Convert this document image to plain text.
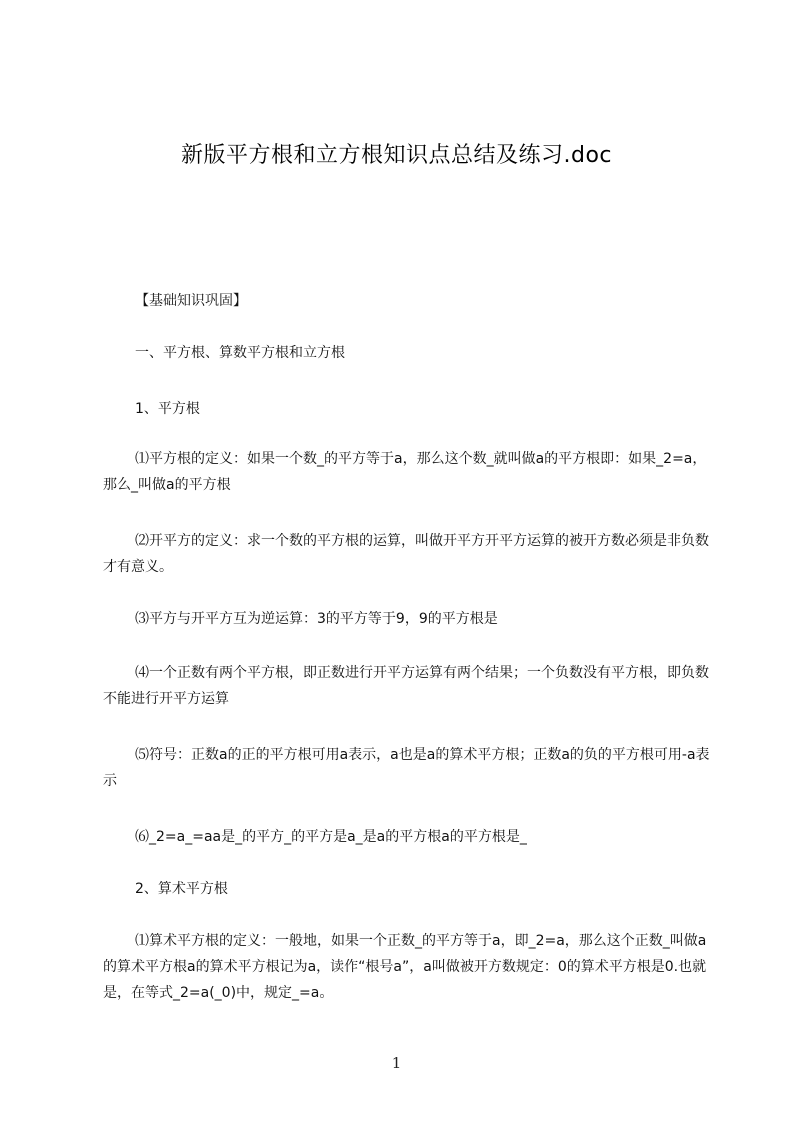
新版平方根和立方根知识点总结及练习.doc
【基础知识巩固】
一、平方根、算数平方根和立方根
1、平方根
⑴平方根的定义：如果一个数_的平方等于a，那么这个数_就叫做a的平方根即：如果_2=a，那么_叫做a的平方根
⑵开平方的定义：求一个数的平方根的运算，叫做开平方开平方运算的被开方数必须是非负数才有意义。
⑶平方与开平方互为逆运算：3的平方等于9，9的平方根是
⑷一个正数有两个平方根，即正数进行开平方运算有两个结果；一个负数没有平方根，即负数不能进行开平方运算
⑸符号：正数a的正的平方根可用a表示，a也是a的算术平方根；正数a的负的平方根可用-a表示
⑹_2=a_=aa是_的平方_的平方是a_是a的平方根a的平方根是_
2、算术平方根
⑴算术平方根的定义：一般地，如果一个正数_的平方等于a，即_2=a，那么这个正数_叫做a的算术平方根a的算术平方根记为a，读作“根号a”，a叫做被开方数规定：0的算术平方根是0.也就是，在等式_2=a(_0)中，规定_=a。
1
